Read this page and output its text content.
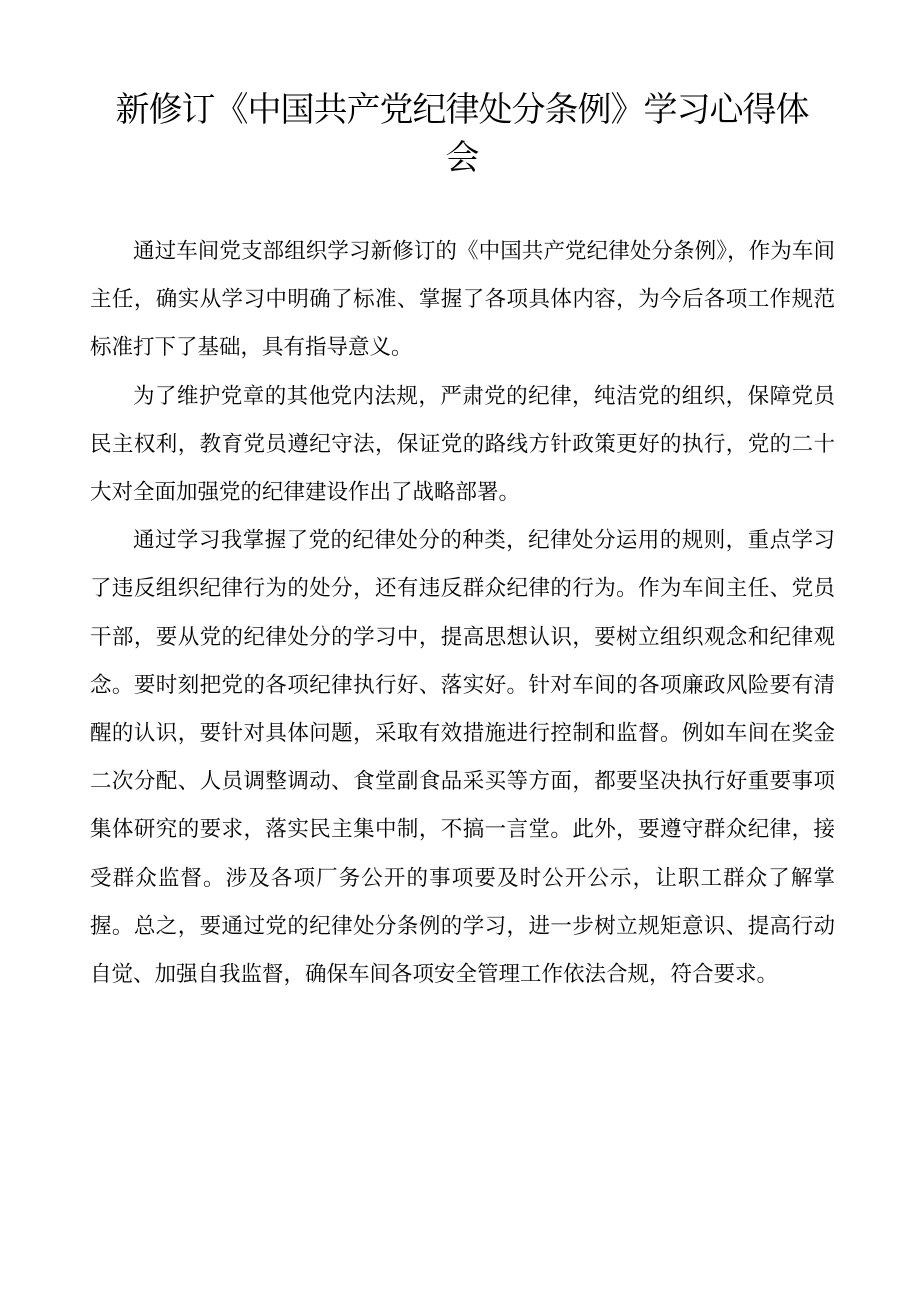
新修订《中国共产党纪律处分条例》学习心得体会

通过车间党支部组织学习新修订的《中国共产党纪律处分条例》，作为车间主任，确实从学习中明确了标准、掌握了各项具体内容，为今后各项工作规范标准打下了基础，具有指导意义。

为了维护党章的其他党内法规，严肃党的纪律，纯洁党的组织，保障党员民主权利，教育党员遵纪守法，保证党的路线方针政策更好的执行，党的二十大对全面加强党的纪律建设作出了战略部署。

通过学习我掌握了党的纪律处分的种类，纪律处分运用的规则，重点学习了违反组织纪律行为的处分，还有违反群众纪律的行为。作为车间主任、党员干部，要从党的纪律处分的学习中，提高思想认识，要树立组织观念和纪律观念。要时刻把党的各项纪律执行好、落实好。针对车间的各项廉政风险要有清醒的认识，要针对具体问题，采取有效措施进行控制和监督。例如车间在奖金二次分配、人员调整调动、食堂副食品采买等方面，都要坚决执行好重要事项集体研究的要求，落实民主集中制，不搞一言堂。此外，要遵守群众纪律，接受群众监督。涉及各项厂务公开的事项要及时公开公示，让职工群众了解掌握。总之，要通过党的纪律处分条例的学习，进一步树立规矩意识、提高行动自觉、加强自我监督，确保车间各项安全管理工作依法合规，符合要求。
